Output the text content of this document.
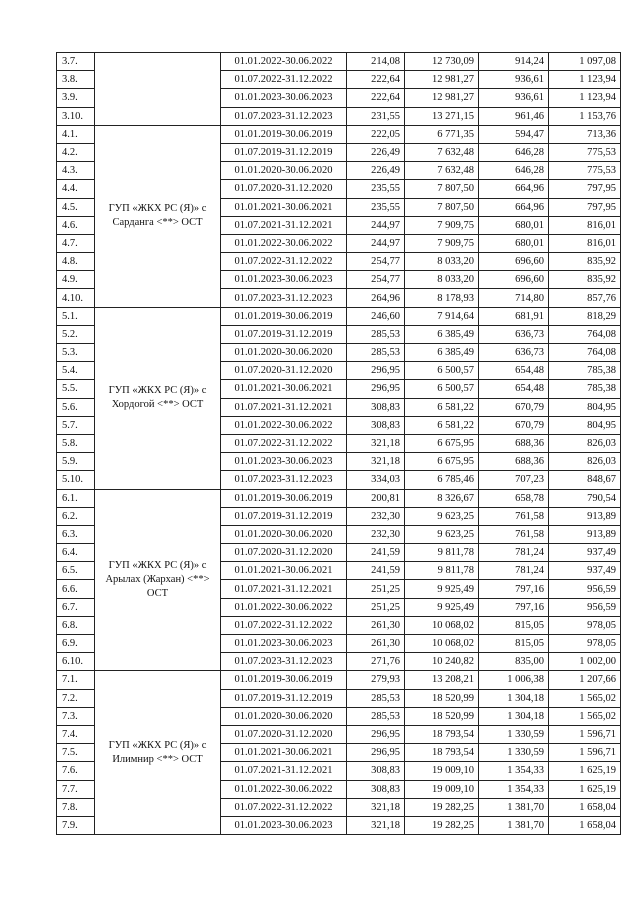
3.7.		01.01.2022-30.06.2022	214,08	12 730,09	914,24	1 097,08
3.8.		01.07.2022-31.12.2022	222,64	12 981,27	936,61	1 123,94
3.9.		01.01.2023-30.06.2023	222,64	12 981,27	936,61	1 123,94
3.10.		01.07.2023-31.12.2023	231,55	13 271,15	961,46	1 153,76
4.1.	ГУП «ЖКХ РС (Я)» с Сарданга <**> ОСТ	01.01.2019-30.06.2019	222,05	6 771,35	594,47	713,36
4.2.		01.07.2019-31.12.2019	226,49	7 632,48	646,28	775,53
4.3.		01.01.2020-30.06.2020	226,49	7 632,48	646,28	775,53
4.4.		01.07.2020-31.12.2020	235,55	7 807,50	664,96	797,95
4.5.		01.01.2021-30.06.2021	235,55	7 807,50	664,96	797,95
4.6.		01.07.2021-31.12.2021	244,97	7 909,75	680,01	816,01
4.7.		01.01.2022-30.06.2022	244,97	7 909,75	680,01	816,01
4.8.		01.07.2022-31.12.2022	254,77	8 033,20	696,60	835,92
4.9.		01.01.2023-30.06.2023	254,77	8 033,20	696,60	835,92
4.10.		01.07.2023-31.12.2023	264,96	8 178,93	714,80	857,76
5.1.	ГУП «ЖКХ РС (Я)» с Хордогой <**> ОСТ	01.01.2019-30.06.2019	246,60	7 914,64	681,91	818,29
5.2.		01.07.2019-31.12.2019	285,53	6 385,49	636,73	764,08
5.3.		01.01.2020-30.06.2020	285,53	6 385,49	636,73	764,08
5.4.		01.07.2020-31.12.2020	296,95	6 500,57	654,48	785,38
5.5.		01.01.2021-30.06.2021	296,95	6 500,57	654,48	785,38
5.6.		01.07.2021-31.12.2021	308,83	6 581,22	670,79	804,95
5.7.		01.01.2022-30.06.2022	308,83	6 581,22	670,79	804,95
5.8.		01.07.2022-31.12.2022	321,18	6 675,95	688,36	826,03
5.9.		01.01.2023-30.06.2023	321,18	6 675,95	688,36	826,03
5.10.		01.07.2023-31.12.2023	334,03	6 785,46	707,23	848,67
6.1.	ГУП «ЖКХ РС (Я)» с Арылах (Жархан) <**> ОСТ	01.01.2019-30.06.2019	200,81	8 326,67	658,78	790,54
6.2.		01.07.2019-31.12.2019	232,30	9 623,25	761,58	913,89
6.3.		01.01.2020-30.06.2020	232,30	9 623,25	761,58	913,89
6.4.		01.07.2020-31.12.2020	241,59	9 811,78	781,24	937,49
6.5.		01.01.2021-30.06.2021	241,59	9 811,78	781,24	937,49
6.6.		01.07.2021-31.12.2021	251,25	9 925,49	797,16	956,59
6.7.		01.01.2022-30.06.2022	251,25	9 925,49	797,16	956,59
6.8.		01.07.2022-31.12.2022	261,30	10 068,02	815,05	978,05
6.9.		01.01.2023-30.06.2023	261,30	10 068,02	815,05	978,05
6.10.		01.07.2023-31.12.2023	271,76	10 240,82	835,00	1 002,00
7.1.	ГУП «ЖКХ РС (Я)» с Илимнир <**> ОСТ	01.01.2019-30.06.2019	279,93	13 208,21	1 006,38	1 207,66
7.2.		01.07.2019-31.12.2019	285,53	18 520,99	1 304,18	1 565,02
7.3.		01.01.2020-30.06.2020	285,53	18 520,99	1 304,18	1 565,02
7.4.		01.07.2020-31.12.2020	296,95	18 793,54	1 330,59	1 596,71
7.5.		01.01.2021-30.06.2021	296,95	18 793,54	1 330,59	1 596,71
7.6.		01.07.2021-31.12.2021	308,83	19 009,10	1 354,33	1 625,19
7.7.		01.01.2022-30.06.2022	308,83	19 009,10	1 354,33	1 625,19
7.8.		01.07.2022-31.12.2022	321,18	19 282,25	1 381,70	1 658,04
7.9.		01.01.2023-30.06.2023	321,18	19 282,25	1 381,70	1 658,04
